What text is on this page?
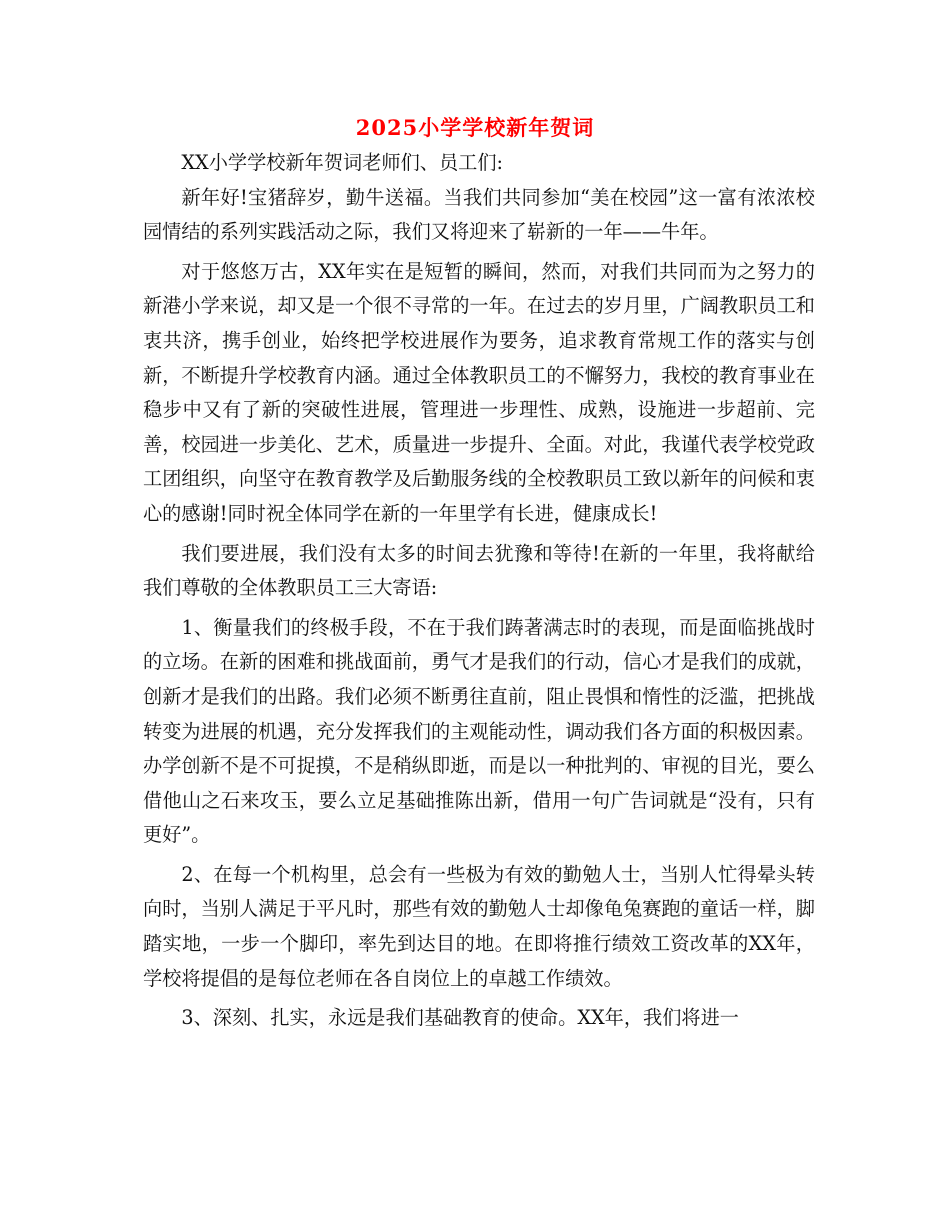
2025小学学校新年贺词

XX小学学校新年贺词老师们、员工们:

新年好!宝猪辞岁，勤牛送福。当我们共同参加“美在校园”这一富有浓浓校园情结的系列实践活动之际，我们又将迎来了崭新的一年——牛年。

对于悠悠万古，XX年实在是短暂的瞬间，然而，对我们共同而为之努力的新港小学来说，却又是一个很不寻常的一年。在过去的岁月里，广阔教职员工和衷共济，携手创业，始终把学校进展作为要务，追求教育常规工作的落实与创新，不断提升学校教育内涵。通过全体教职员工的不懈努力，我校的教育事业在稳步中又有了新的突破性进展，管理进一步理性、成熟，设施进一步超前、完善，校园进一步美化、艺术，质量进一步提升、全面。对此，我谨代表学校党政工团组织，向坚守在教育教学及后勤服务线的全校教职员工致以新年的问候和衷心的感谢!同时祝全体同学在新的一年里学有长进，健康成长!

我们要进展，我们没有太多的时间去犹豫和等待!在新的一年里，我将献给我们尊敬的全体教职员工三大寄语:

1、衡量我们的终极手段，不在于我们踌著满志时的表现，而是面临挑战时的立场。在新的困难和挑战面前，勇气才是我们的行动，信心才是我们的成就，创新才是我们的出路。我们必须不断勇往直前，阻止畏惧和惰性的泛滥，把挑战转变为进展的机遇，充分发挥我们的主观能动性，调动我们各方面的积极因素。办学创新不是不可捉摸，不是稍纵即逝，而是以一种批判的、审视的目光，要么借他山之石来攻玉，要么立足基础推陈出新，借用一句广告词就是“没有，只有更好”。

2、在每一个机构里，总会有一些极为有效的勤勉人士，当别人忙得晕头转向时，当别人满足于平凡时，那些有效的勤勉人士却像龟兔赛跑的童话一样，脚踏实地，一步一个脚印，率先到达目的地。在即将推行绩效工资改革的XX年，学校将提倡的是每位老师在各自岗位上的卓越工作绩效。

3、深刻、扎实，永远是我们基础教育的使命。XX年，我们将进一
